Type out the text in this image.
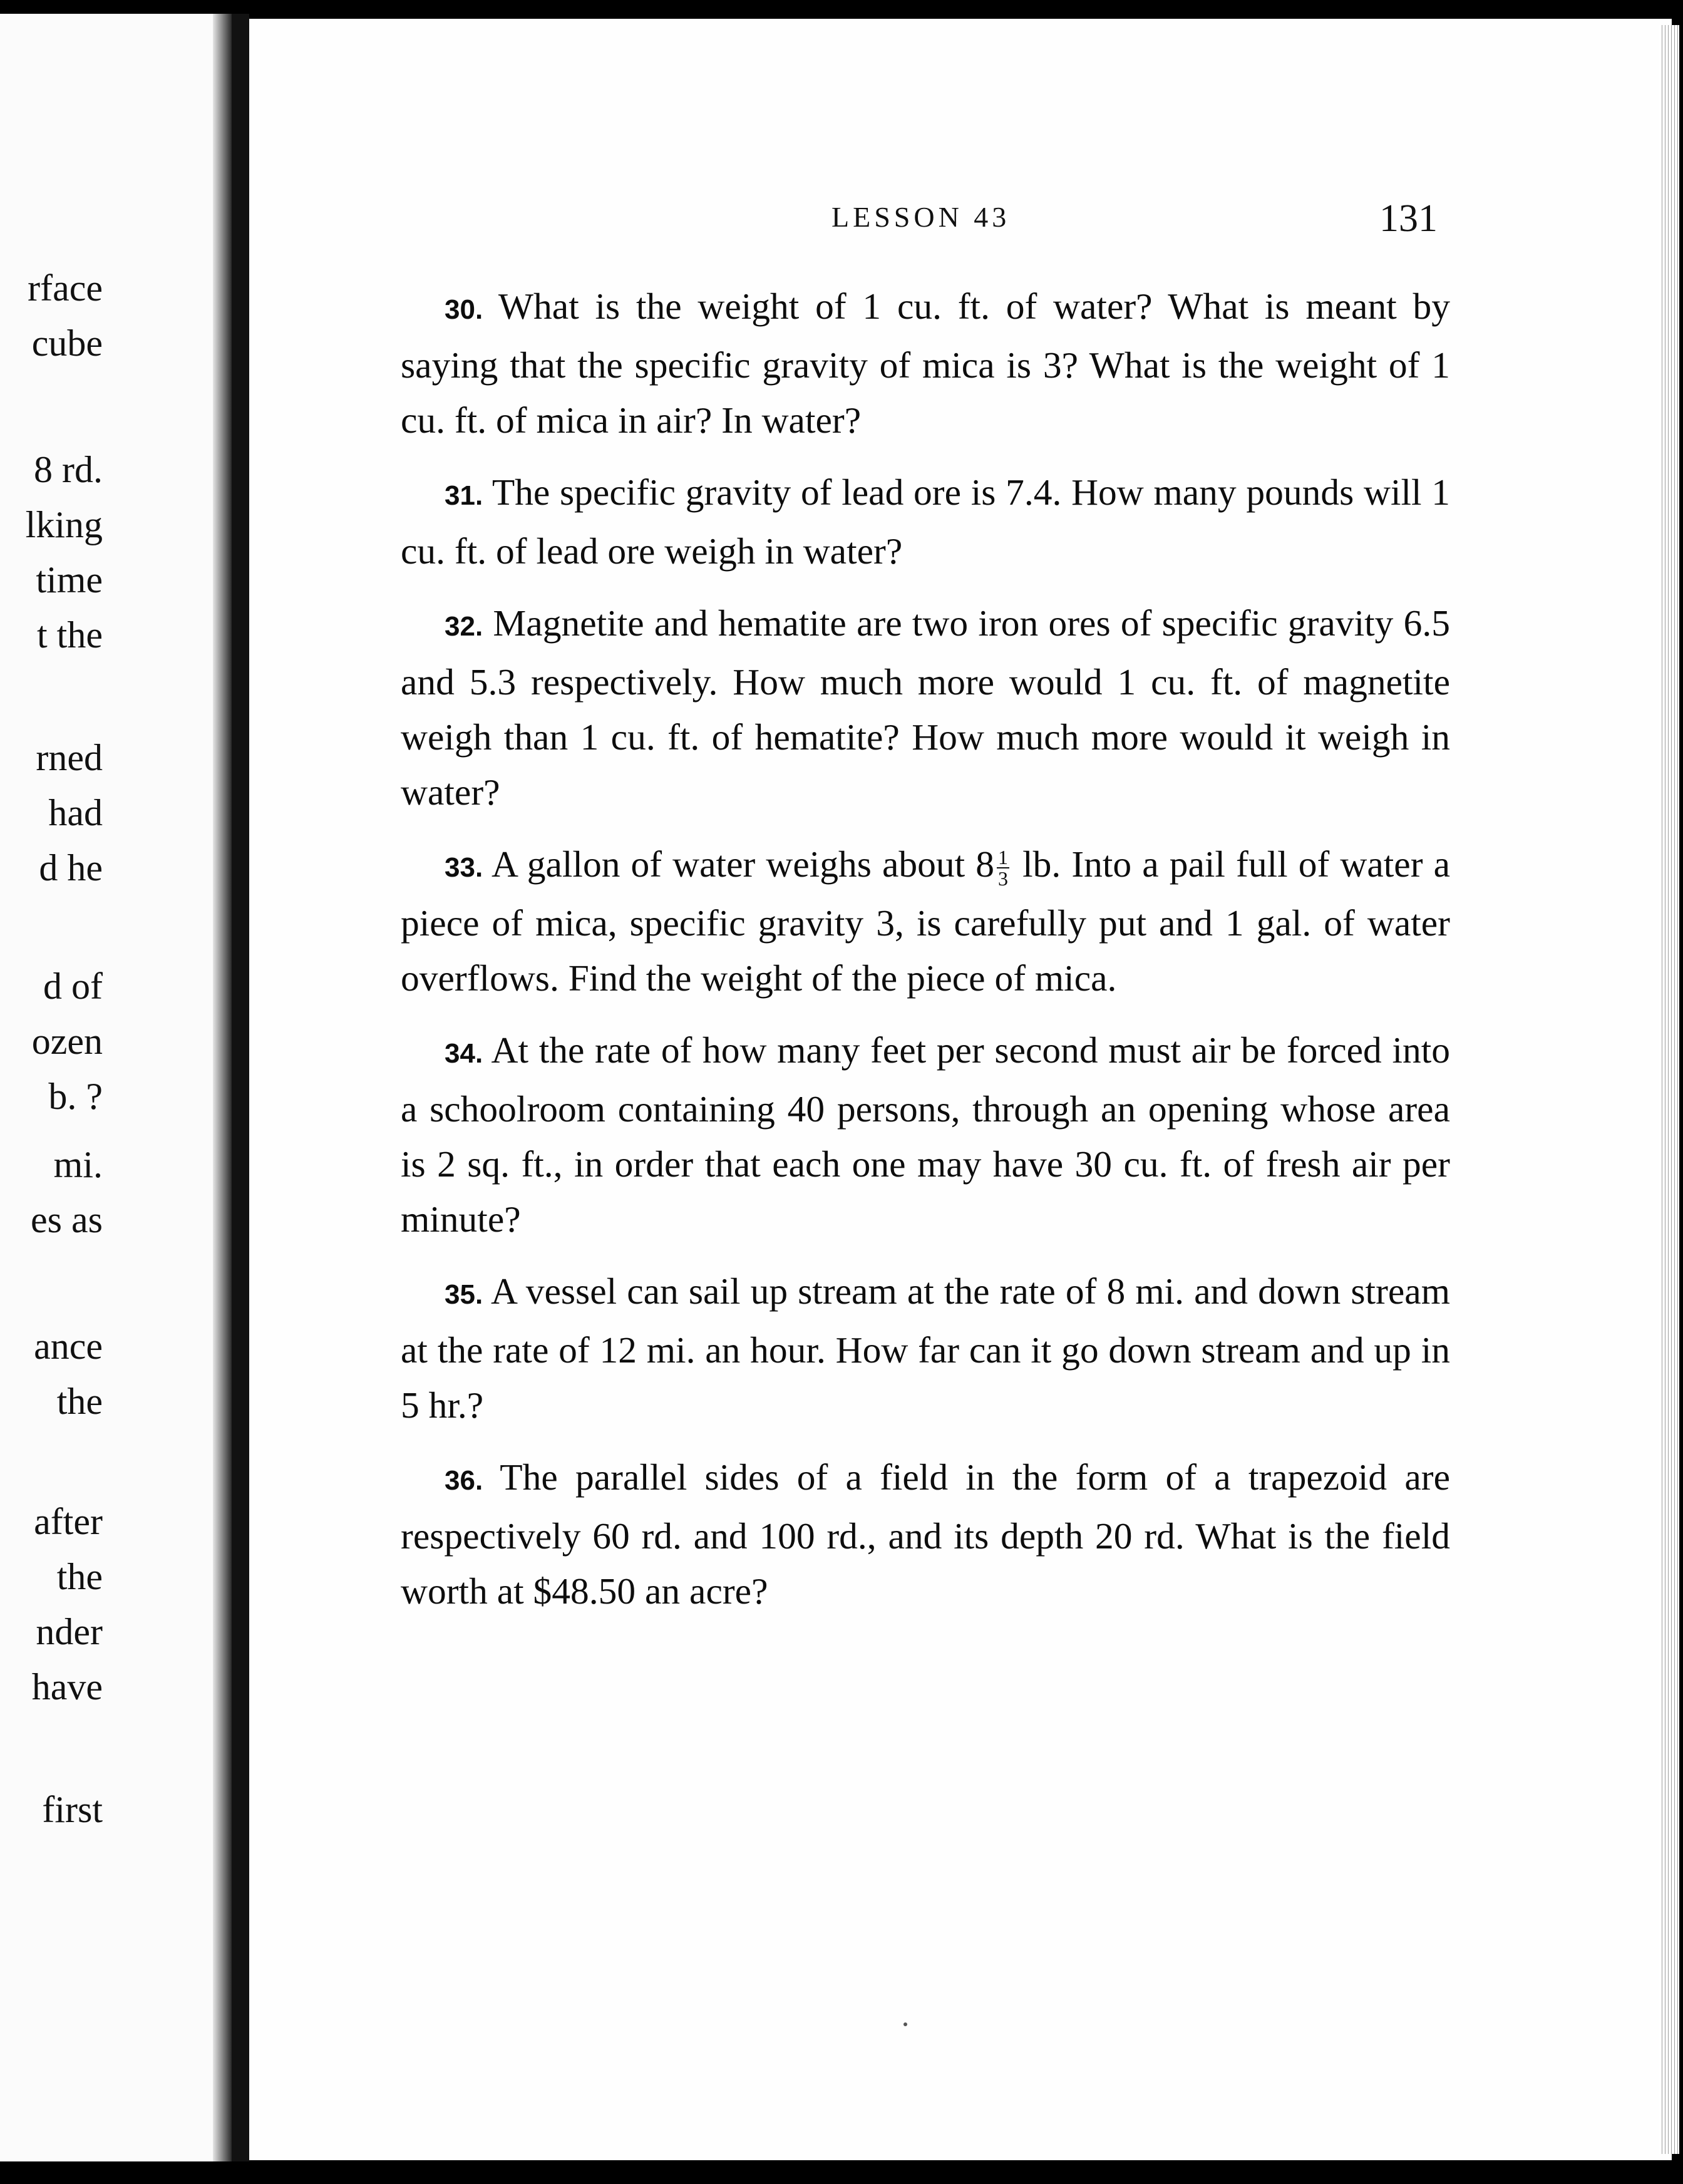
rface
cube
8 rd.
lking
time
t the
rned
had
d he
d of
ozen
b. ?
mi.
es as
ance
the
after
the
nder
have
first
LESSON 43	131

30. What is the weight of 1 cu. ft. of water? What is meant by saying that the specific gravity of mica is 3? What is the weight of 1 cu. ft. of mica in air? In water?

31. The specific gravity of lead ore is 7.4. How many pounds will 1 cu. ft. of lead ore weigh in water?

32. Magnetite and hematite are two iron ores of specific gravity 6.5 and 5.3 respectively. How much more would 1 cu. ft. of magnetite weigh than 1 cu. ft. of hematite? How much more would it weigh in water?

33. A gallon of water weighs about $8 \frac{1}{3}$ lb. Into a pail full of water a piece of mica, specific gravity 3, is carefully put and 1 gal. of water overflows. Find the weight of the piece of mica.

34. At the rate of how many feet per second must air be forced into a schoolroom containing 40 persons, through an opening whose area is 2 sq. ft., in order that each one may have 30 cu. ft. of fresh air per minute?

35. A vessel can sail up stream at the rate of 8 mi. and down stream at the rate of 12 mi. an hour. How far can it go down stream and up in 5 hr.?

36. The parallel sides of a field in the form of a trapezoid are respectively 60 rd. and 100 rd., and its depth 20 rd. What is the field worth at $48.50 an acre?
